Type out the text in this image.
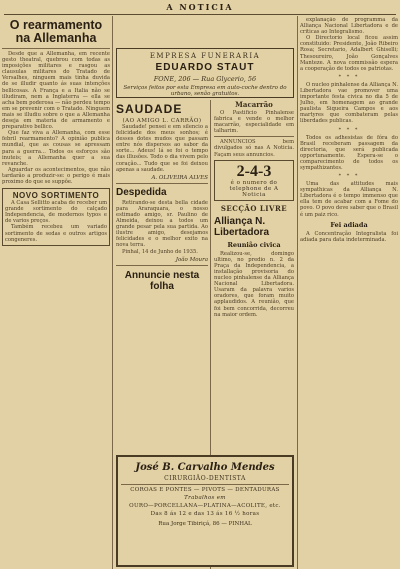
A NOTICIA
O rearmamento na Allemanha

Desde que a Allemanha, em recente gesto theatral, quebrou com todas as imposições militares e rasgou as clausulas militares do Tratado de Versalhes, ninguem mais tinha duvida de se illudir quanto ás suas intenções bellicosas. A França e a Italia não se illudiram, nem a Inglaterra — ella se acha bem poderosa — não perdeu tempo em se prevenir com o Tratado. Ninguem mais se illudiu sobre o que a Allemanha deseja em materia de armamento e preparativo bellico.

Que faz viva a Allemanha, com esse febril rearmamento? A opinião publica mundial, que as cousas se apressam para a guerra... Todos os esforços são inuteis; a Allemanha quer a sua revanche.

Aguardar os acontecimentos, que não tardarão a produzir-se: o perigo é mais proximo do que se suppõe.

NOVO SORTIMENTO

A Casa Sellitto acaba de receber um grande sortimento do calçado Independencia, de modernos typos e de varios preços.

Também recebeu um variado sortimento de sedas e outros artigos congeneres.

EMPRESA FUNERARIA
EDUARDO STAUT
FONE, 206 — Rua Glycerio, 56
Serviços feitos por esta Empresa em auto-coche dentro do urbano, senão gratuitos.
SAUDADE
(AO AMIGO L. CARRÃO)

Saudade! pensei e em silencio a felicidade dos meus sonhos; é desses dotes mudos que passam entre nós dispersos ao sabor da sorte... Adeus! lá se foi o tempo das illusões. Todo o dia vivem pelo coração... Tudo que se foi deixou apenas a saudade.

A. OLIVEIRA ALVES
Despedida

Retirando-se desta bella cidade para Araraquara, o nosso estimado amigo, sr. Paulino de Almeida, deixou a todos um grande pesar pela sua partida. Ao ilustre amigo, desejamos felicidades e o melhor exito na nova terra.

Pinhal, 14 de Junho de 1935.

João Moura
Annuncie nesta folha
Macarrão

O Pastificio Pinhalense fabrica e vende o melhor macarrão, especialidade em talharim.

ANNUNCIOS bem divulgados só nas A Noticia. Façam seus annuncios.

2-4-3
é o numero do telephone de A Noticia
SECÇÃO LIVRE
Alliança N. Libertadora
Reunião civica

Realizou-se, domingo ultimo, no predio n. 2 da Praça da Independencia, a installação provisoria do nucleo pinhalense da Alliança Nacional Libertadora. Usaram da palavra varios oradores, que foram muito applaudidos. A reunião, que foi bem concorrida, decorreu na maior ordem.

explanação de programma da Alliança Nacional Libertadora e de criticas ao Integralismo.

O Directorio local ficou assim constituido: Presidente, João Ribeiro Rosa; Secretario, Adalbert Ghiselli; Thesoureiro, João Gonçalves Manteze. A nova commissão espera a cooperação de todos os patriotas.

* * *

O nucleo pinhalense da Alliança N. Libertadora vae promover uma importante festa civica no dia 5 de Julho, em homenagem ao grande paulista Siqueira Campos e aos martyres que combateram pelas liberdades publicas.

* * *

Todos os adhesistas de fóra do Brasil receberam passagem da directoria, que será publicada opportunamente. Espera-se o comparecimento de todos os sympathizantes.

* * *

Uma das attitudes mais sympathicas da Alliança N. Libertadora é o tempo immenso que ella tem de acabar com a Fome do povo. O povo deve saber que o Brasil é um paiz rico.

Fei adiada

A Concentração Integralista foi adiada para data indeterminada.

José B. Carvalho Mendes
CIRURGIÃO-DENTISTA
COROAS E PONTES — PIVOTS — DENTADURAS
Trabalhos em
OURO—PORCELLANA—PLATINA—ACOLITE, etc.
Das 8 ás 12 e das 13 ás 16 ½ horas
Rua Jorge Tibiriçá, 86 — PINHAL
